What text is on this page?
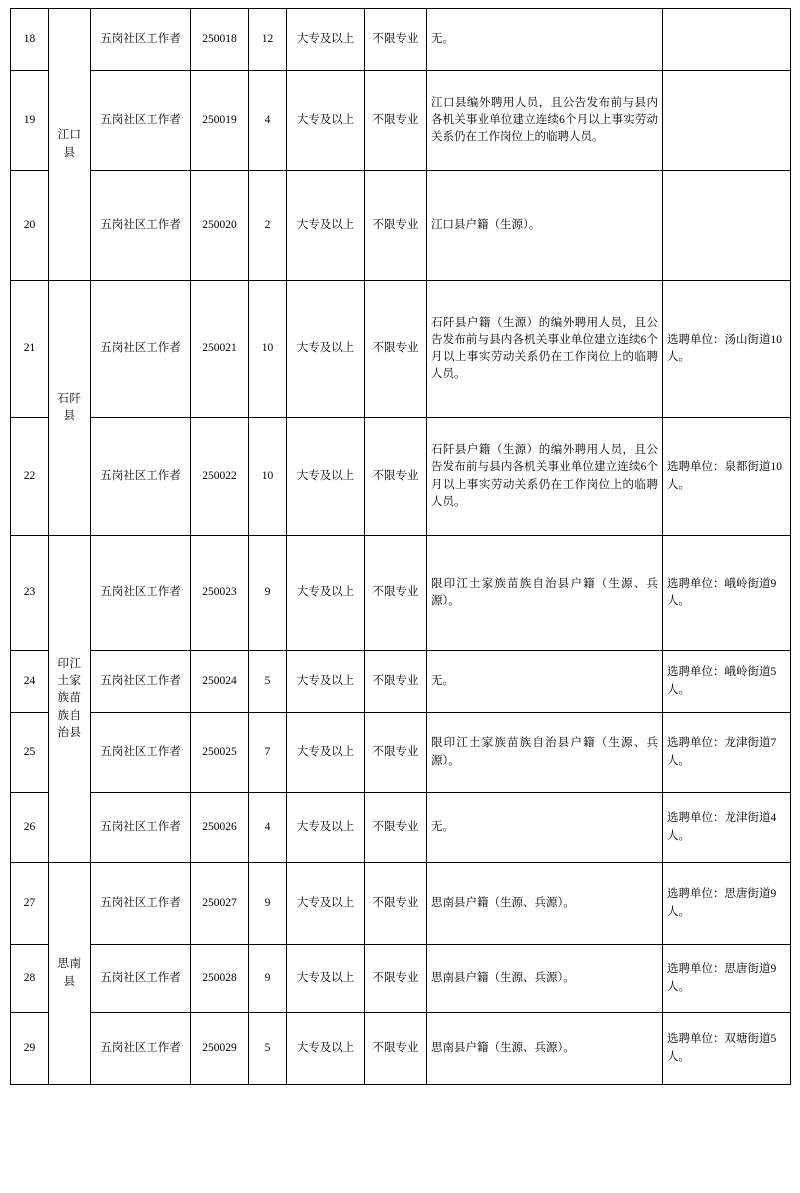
18	江口县	五岗社区工作者	250018	12	大专及以上	不限专业	无。	
19		五岗社区工作者	250019	4	大专及以上	不限专业	江口县编外聘用人员，且公告发布前与县内各机关事业单位建立连续6个月以上事实劳动关系仍在工作岗位上的临聘人员。	
20		五岗社区工作者	250020	2	大专及以上	不限专业	江口县户籍（生源）。	
21	石阡县	五岗社区工作者	250021	10	大专及以上	不限专业	石阡县户籍（生源）的编外聘用人员，且公告发布前与县内各机关事业单位建立连续6个月以上事实劳动关系仍在工作岗位上的临聘人员。	选聘单位：汤山街道10人。
22		五岗社区工作者	250022	10	大专及以上	不限专业	石阡县户籍（生源）的编外聘用人员，且公告发布前与县内各机关事业单位建立连续6个月以上事实劳动关系仍在工作岗位上的临聘人员。	选聘单位：泉都街道10人。
23	印江土家族苗族自治县	五岗社区工作者	250023	9	大专及以上	不限专业	限印江土家族苗族自治县户籍（生源、兵源）。	选聘单位：峨岭街道9人。
24		五岗社区工作者	250024	5	大专及以上	不限专业	无。	选聘单位：峨岭街道5人。
25		五岗社区工作者	250025	7	大专及以上	不限专业	限印江土家族苗族自治县户籍（生源、兵源）。	选聘单位：龙津街道7人。
26		五岗社区工作者	250026	4	大专及以上	不限专业	无。	选聘单位：龙津街道4人。
27	思南县	五岗社区工作者	250027	9	大专及以上	不限专业	思南县户籍（生源、兵源）。	选聘单位：思唐街道9人。
28		五岗社区工作者	250028	9	大专及以上	不限专业	思南县户籍（生源、兵源）。	选聘单位：思唐街道9人。
29		五岗社区工作者	250029	5	大专及以上	不限专业	思南县户籍（生源、兵源）。	选聘单位：双塘街道5人。
